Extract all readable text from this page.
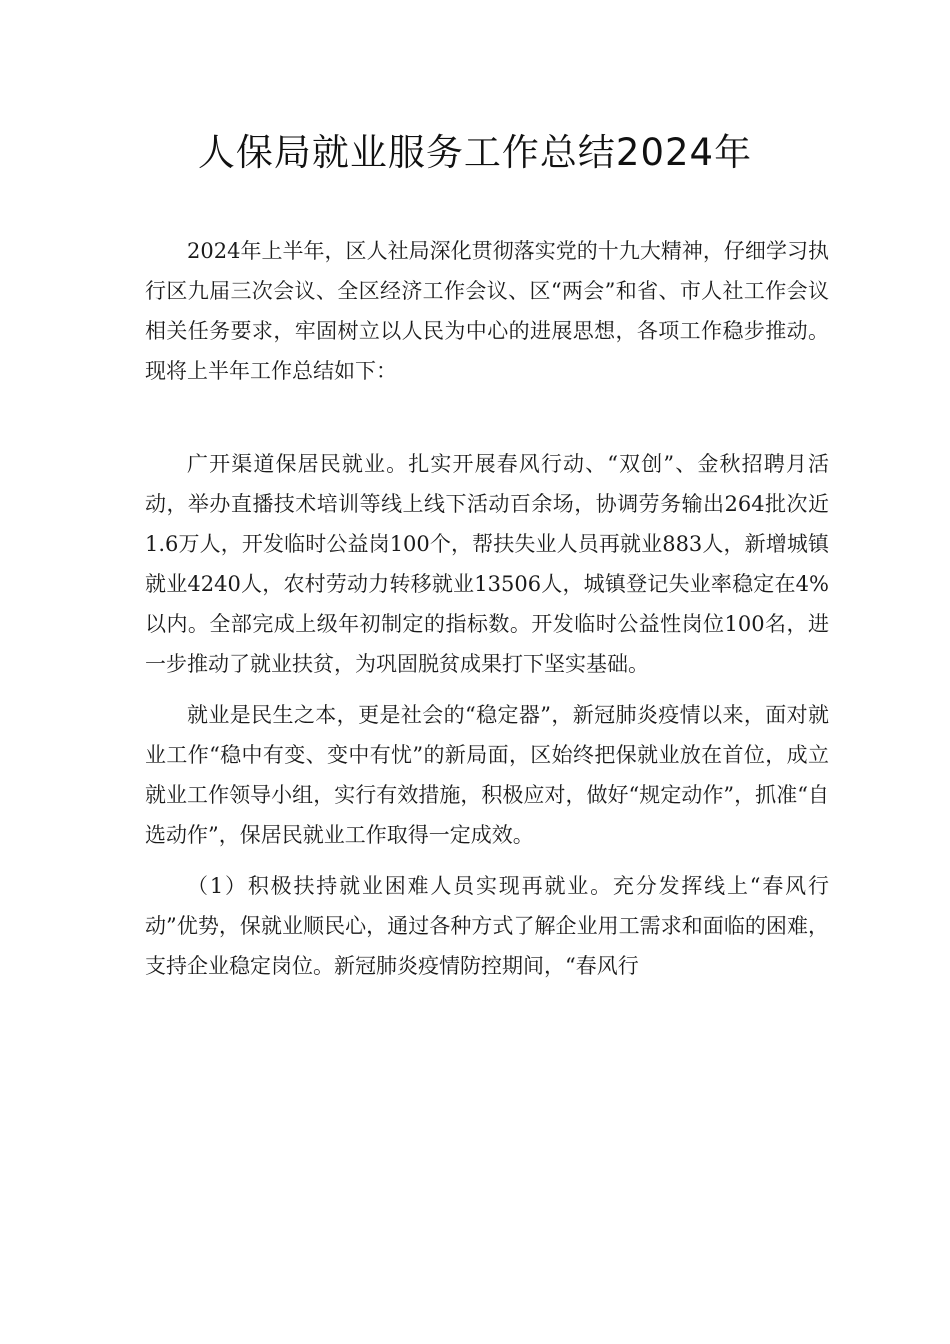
人保局就业服务工作总结2024年

2024年上半年，区人社局深化贯彻落实党的十九大精神，仔细学习执行区九届三次会议、全区经济工作会议、区“两会”和省、市人社工作会议相关任务要求，牢固树立以人民为中心的进展思想，各项工作稳步推动。现将上半年工作总结如下：

广开渠道保居民就业。扎实开展春风行动、“双创”、金秋招聘月活动，举办直播技术培训等线上线下活动百余场，协调劳务输出264批次近1.6万人，开发临时公益岗100个，帮扶失业人员再就业883人，新增城镇就业4240人，农村劳动力转移就业13506人，城镇登记失业率稳定在4%以内。全部完成上级年初制定的指标数。开发临时公益性岗位100名，进一步推动了就业扶贫，为巩固脱贫成果打下坚实基础。

就业是民生之本，更是社会的“稳定器”，新冠肺炎疫情以来，面对就业工作“稳中有变、变中有忧”的新局面，区始终把保就业放在首位，成立就业工作领导小组，实行有效措施，积极应对，做好“规定动作”，抓准“自选动作”，保居民就业工作取得一定成效。

（1）积极扶持就业困难人员实现再就业。充分发挥线上“春风行动”优势，保就业顺民心，通过各种方式了解企业用工需求和面临的困难，支持企业稳定岗位。新冠肺炎疫情防控期间，“春风行
